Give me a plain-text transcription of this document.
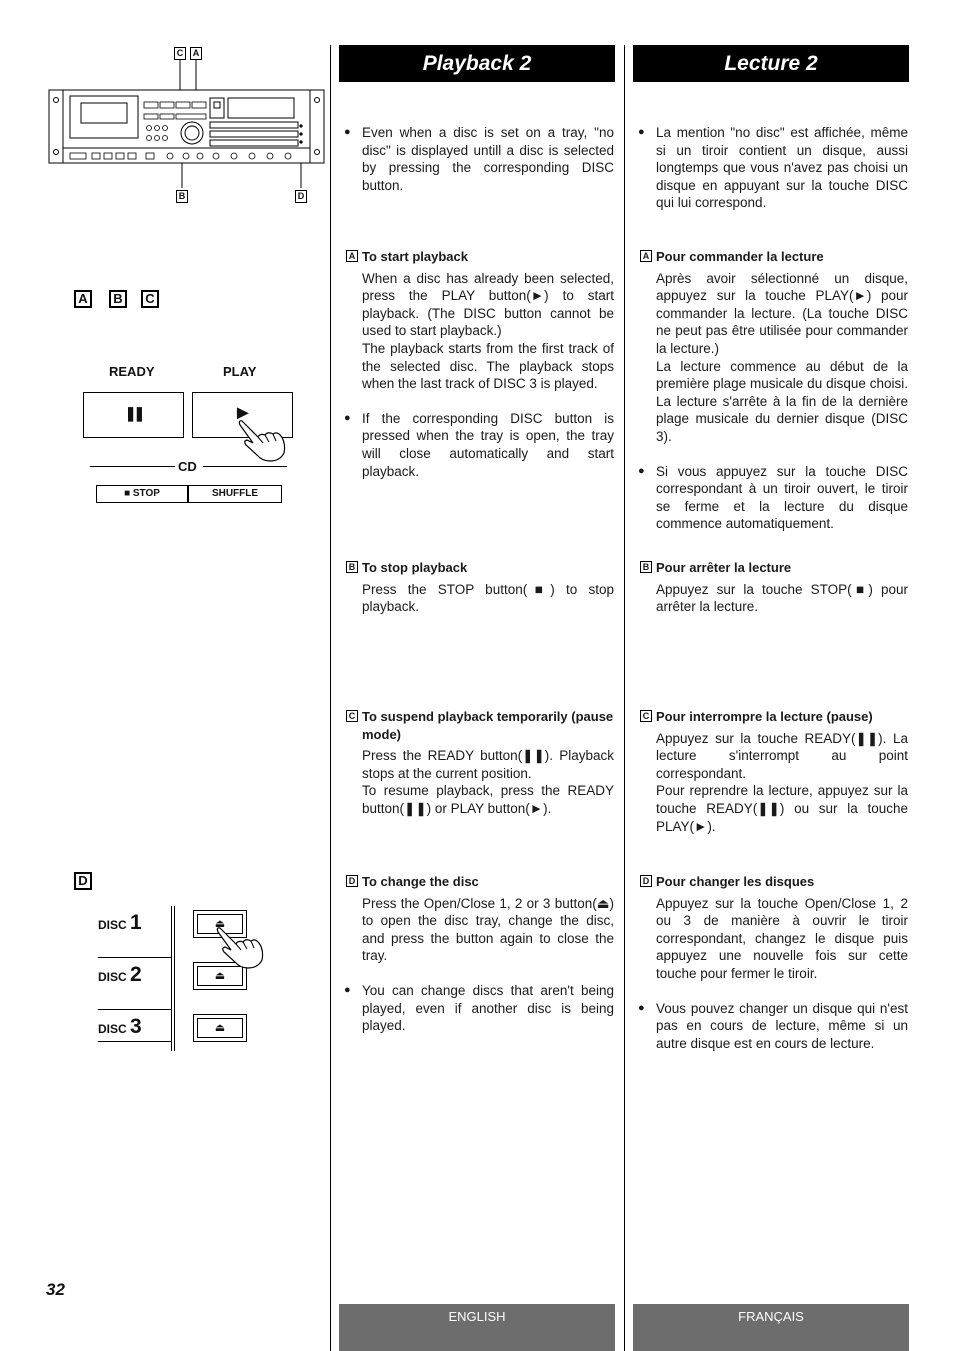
C	A
B	D
A	B	C
READY	PLAY
❚❚	►
CD
■ STOP	SHUFFLE
D
DISC 1
DISC 2
DISC 3
⏏
⏏
⏏
32
Playback 2

● Even when a disc is set on a tray, "no disc" is displayed untill a disc is selected by pressing the corresponding DISC button.

A To start playback

When a disc has already been selected, press the PLAY button(►) to start playback. (The DISC button cannot be used to start playback.)

The playback starts from the first track of the selected disc. The playback stops when the last track of DISC 3 is played.

● If the corresponding DISC button is pressed when the tray is open, the tray will close automatically and start playback.

B To stop playback

Press the STOP button(■) to stop playback.

C To suspend playback temporarily (pause mode)

Press the READY button(❚❚). Playback stops at the current position.

To resume playback, press the READY button(❚❚) or PLAY button(►).

D To change the disc

Press the Open/Close 1, 2 or 3 button(⏏) to open the disc tray, change the disc, and press the button again to close the tray.

● You can change discs that aren't being played, even if another disc is being played.

ENGLISH
Lecture 2

● La mention "no disc" est affichée, même si un tiroir contient un disque, aussi longtemps que vous n'avez pas choisi un disque en appuyant sur la touche DISC qui lui correspond.

A Pour commander la lecture

Après avoir sélectionné un disque, appuyez sur la touche PLAY(►) pour commander la lecture. (La touche DISC ne peut pas être utilisée pour commander la lecture.)

La lecture commence au début de la première plage musicale du disque choisi. La lecture s'arrête à la fin de la dernière plage musicale du dernier disque (DISC 3).

● Si vous appuyez sur la touche DISC correspondant à un tiroir ouvert, le tiroir se ferme et la lecture du disque commence automatiquement.

B Pour arrêter la lecture

Appuyez sur la touche STOP(■) pour arrêter la lecture.

C Pour interrompre la lecture (pause)

Appuyez sur la touche READY(❚❚). La lecture s'interrompt au point correspondant.

Pour reprendre la lecture, appuyez sur la touche READY(❚❚) ou sur la touche PLAY(►).

D Pour changer les disques

Appuyez sur la touche Open/Close 1, 2 ou 3 de manière à ouvrir le tiroir correspondant, changez le disque puis appuyez une nouvelle fois sur cette touche pour fermer le tiroir.

● Vous pouvez changer un disque qui n'est pas en cours de lecture, même si un autre disque est en cours de lecture.

FRANÇAIS
